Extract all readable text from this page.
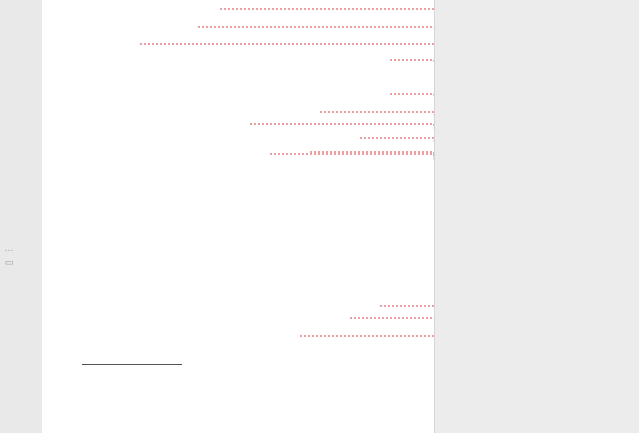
…
▭
